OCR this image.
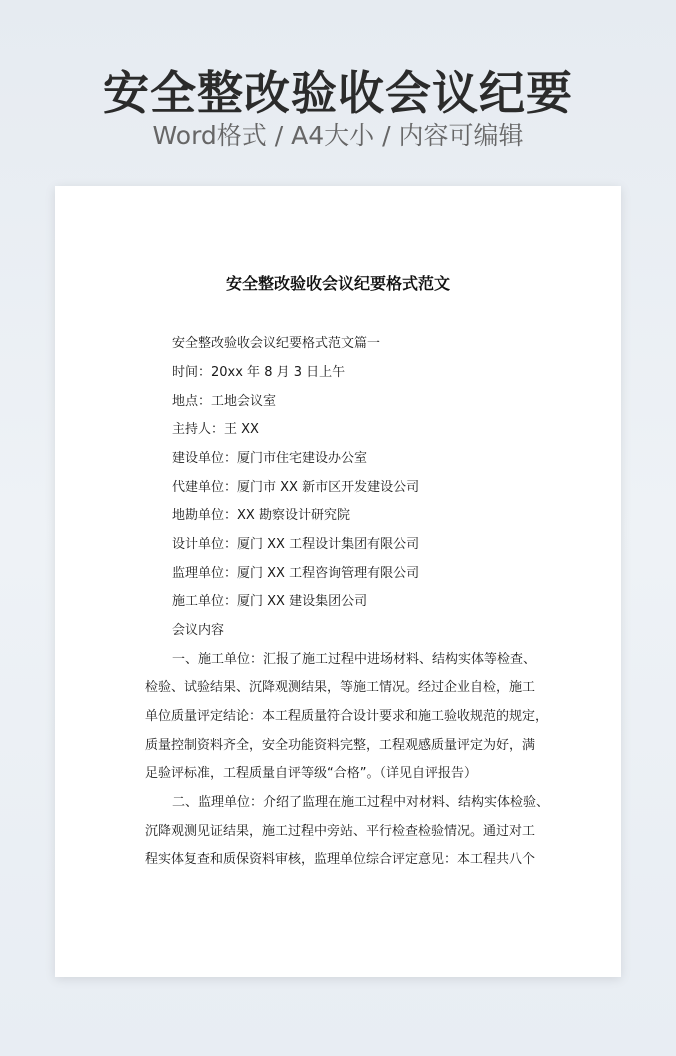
安全整改验收会议纪要
Word格式 / A4大小 / 内容可编辑
安全整改验收会议纪要格式范文
安全整改验收会议纪要格式范文篇一
时间：20xx 年 8 月 3 日上午
地点：工地会议室
主持人：王 XX
建设单位：厦门市住宅建设办公室
代建单位：厦门市 XX 新市区开发建设公司
地勘单位：XX 勘察设计研究院
设计单位：厦门 XX 工程设计集团有限公司
监理单位：厦门 XX 工程咨询管理有限公司
施工单位：厦门 XX 建设集团公司
会议内容
一、施工单位：汇报了施工过程中进场材料、结构实体等检查、
检验、试验结果、沉降观测结果，等施工情况。经过企业自检，施工
单位质量评定结论：本工程质量符合设计要求和施工验收规范的规定，
质量控制资料齐全，安全功能资料完整，工程观感质量评定为好，满
足验评标准，工程质量自评等级“合格”。（详见自评报告）
二、监理单位：介绍了监理在施工过程中对材料、结构实体检验、
沉降观测见证结果，施工过程中旁站、平行检查检验情况。通过对工
程实体复查和质保资料审核，监理单位综合评定意见：本工程共八个
